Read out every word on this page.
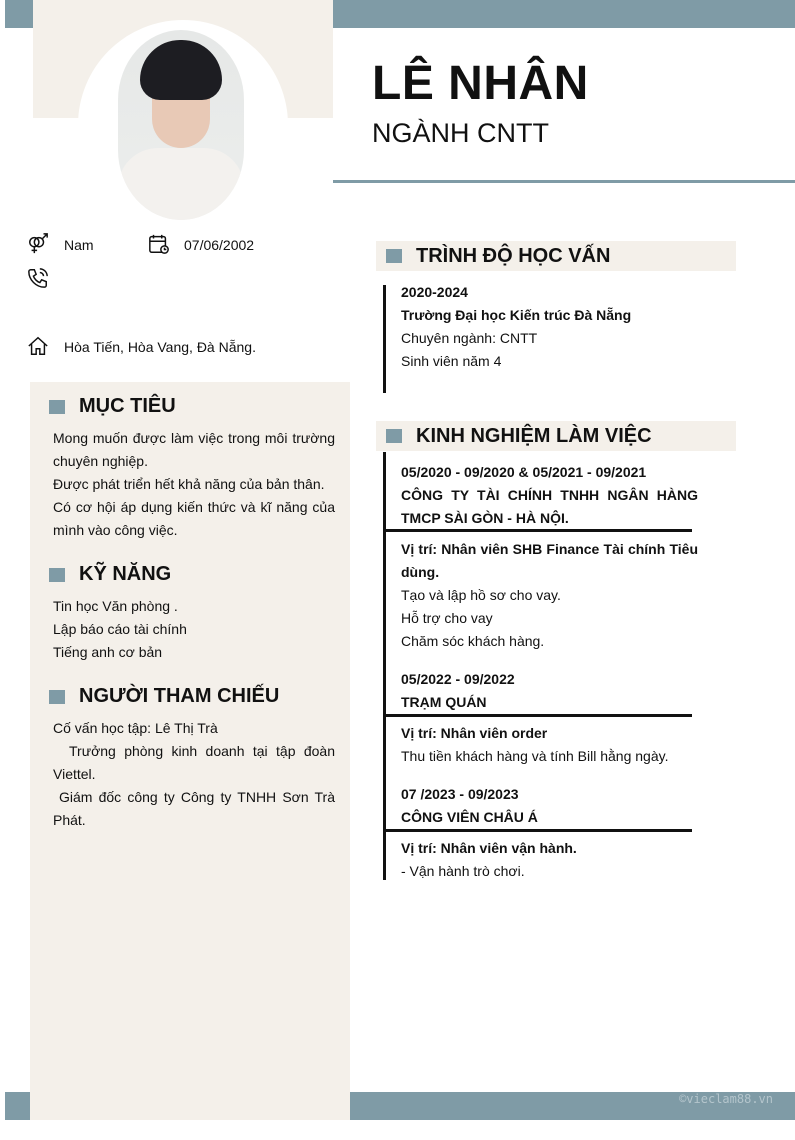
LÊ NHÂN
NGÀNH CNTT
Nam	07/06/2002
Hòa Tiến, Hòa Vang, Đà Nẵng.
©vieclam88.vn
MỤC TIÊU
Mong muốn được làm việc trong môi trường chuyên nghiệp.
Được phát triển hết khả năng của bản thân.
Có cơ hội áp dụng kiến thức và kĩ năng của mình vào công việc.
KỸ NĂNG
Tin học Văn phòng .
Lập báo cáo tài chính
Tiếng anh cơ bản
NGƯỜI THAM CHIẾU
Cố vấn học tập: Lê Thị Trà
Trưởng phòng kinh doanh tại tập đoàn Viettel.
Giám đốc công ty Công ty TNHH Sơn Trà Phát.
TRÌNH ĐỘ HỌC VẤN
2020-2024
Trường Đại học Kiến trúc Đà Nẵng
Chuyên ngành: CNTT
Sinh viên năm 4
KINH NGHIỆM LÀM VIỆC
05/2020 - 09/2020 & 05/2021 - 09/2021
CÔNG TY TÀI CHÍNH TNHH NGÂN HÀNG TMCP SÀI GÒN - HÀ NỘI.
Vị trí: Nhân viên SHB Finance Tài chính Tiêu dùng.
Tạo và lập hồ sơ cho vay.
Hỗ trợ cho vay
Chăm sóc khách hàng.
05/2022 - 09/2022
TRẠM QUÁN
Vị trí: Nhân viên order
Thu tiền khách hàng và tính Bill hằng ngày.
07 /2023 - 09/2023
CÔNG VIÊN CHÂU Á
Vị trí: Nhân viên vận hành.
- Vận hành trò chơi.
